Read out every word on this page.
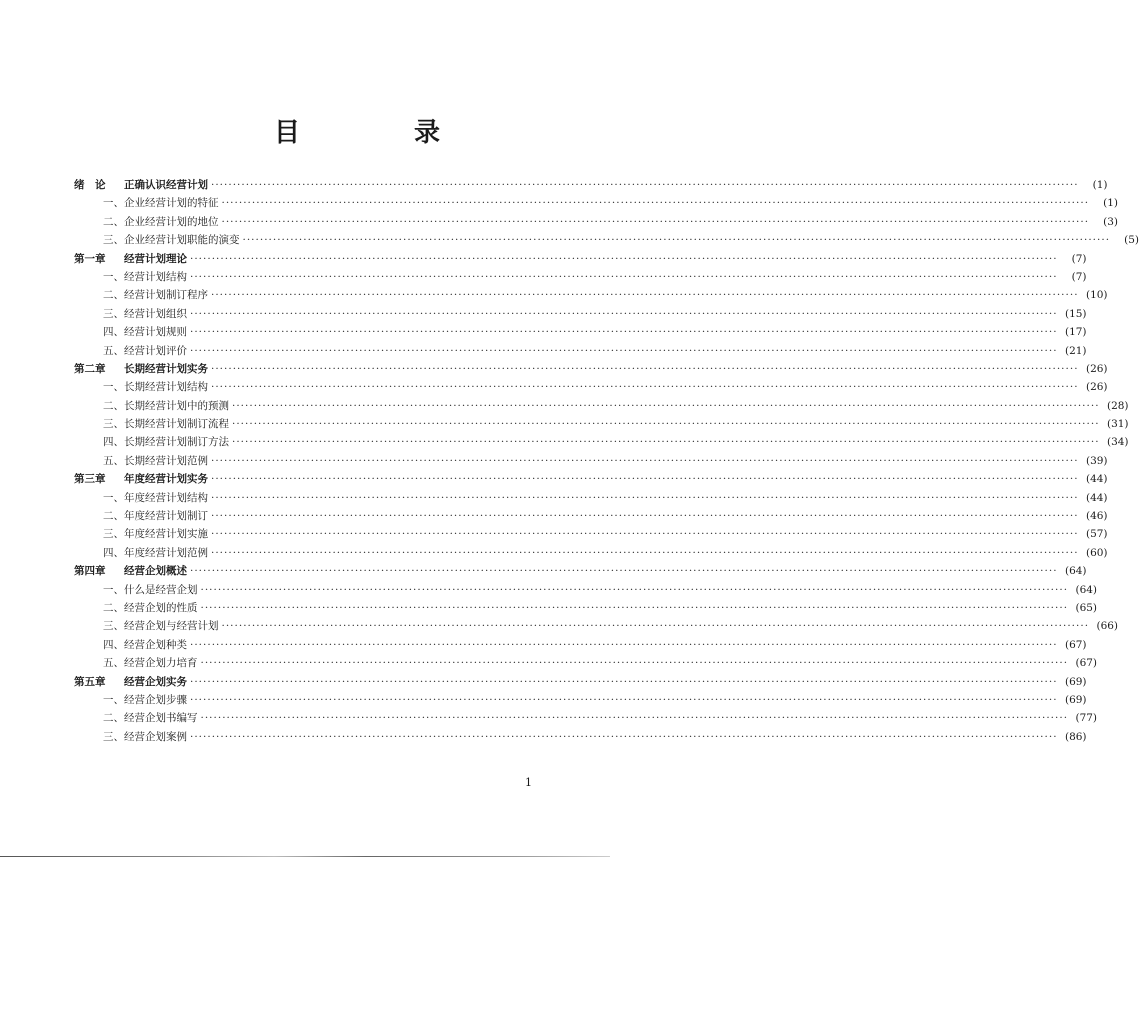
目　录
绪　论	正确认识经营计划 ········································································································································································································	(1)
一、 企业经营计划的特征 ········································································································································································································	(1)
二、 企业经营计划的地位 ········································································································································································································	(3)
三、 企业经营计划职能的演变 ········································································································································································································	(5)
第一章	经营计划理论 ········································································································································································································	(7)
一、 经营计划结构 ········································································································································································································	(7)
二、 经营计划制订程序 ········································································································································································································ (10)
三、 经营计划组织 ········································································································································································································ (15)
四、 经营计划规则 ········································································································································································································ (17)
五、 经营计划评价 ········································································································································································································ (21)
第二章	长期经营计划实务 ········································································································································································································ (26)
一、 长期经营计划结构 ········································································································································································································ (26)
二、 长期经营计划中的预测 ········································································································································································································ (28)
三、 长期经营计划制订流程 ········································································································································································································ (31)
四、 长期经营计划制订方法 ········································································································································································································ (34)
五、 长期经营计划范例 ········································································································································································································ (39)
第三章	年度经营计划实务 ········································································································································································································ (44)
一、 年度经营计划结构 ········································································································································································································ (44)
二、 年度经营计划制订 ········································································································································································································ (46)
三、 年度经营计划实施 ········································································································································································································ (57)
四、 年度经营计划范例 ········································································································································································································ (60)
第四章	经营企划概述 ········································································································································································································ (64)
一、 什么是经营企划 ········································································································································································································ (64)
二、 经营企划的性质 ········································································································································································································ (65)
三、 经营企划与经营计划 ········································································································································································································ (66)
四、 经营企划种类 ········································································································································································································ (67)
五、 经营企划力培育 ········································································································································································································ (67)
第五章	经营企划实务 ········································································································································································································ (69)
一、 经营企划步骤 ········································································································································································································ (69)
二、 经营企划书编写 ········································································································································································································ (77)
三、 经营企划案例 ········································································································································································································ (86)
1
